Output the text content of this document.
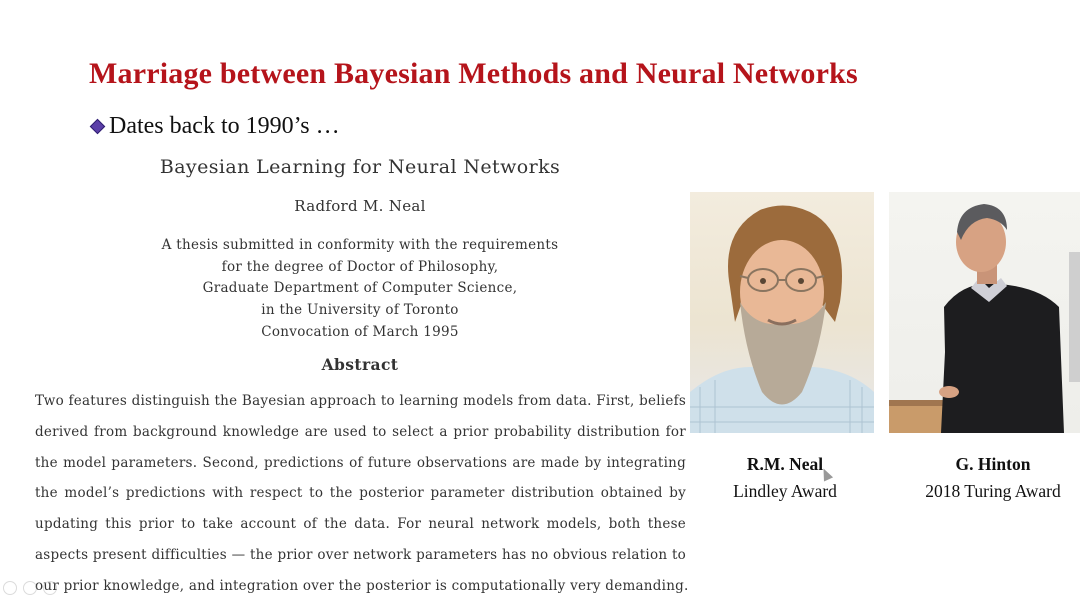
Marriage between Bayesian Methods and Neural Networks
Dates back to 1990’s …
Bayesian Learning for Neural Networks
Radford M. Neal
A thesis submitted in conformity with the requirements
for the degree of Doctor of Philosophy,
Graduate Department of Computer Science,
in the University of Toronto
Convocation of March 1995
Abstract
Two features distinguish the Bayesian approach to learning models from data. First, beliefs
derived from background knowledge are used to select a prior probability distribution for
the model parameters. Second, predictions of future observations are made by integrating
the model’s predictions with respect to the posterior parameter distribution obtained by
updating this prior to take account of the data. For neural network models, both these
aspects present difficulties — the prior over network parameters has no obvious relation to
our prior knowledge, and integration over the posterior is computationally very demanding.
R.M. Neal
Lindley Award
G. Hinton
2018 Turing Award
